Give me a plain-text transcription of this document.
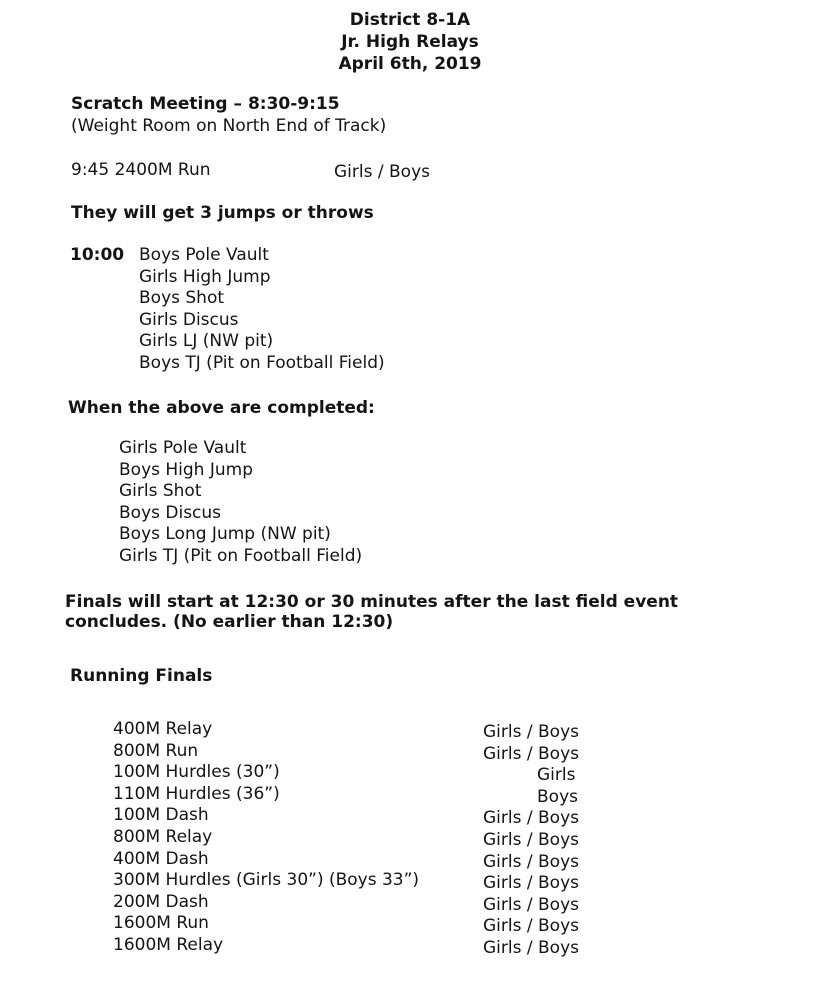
District 8-1A
Jr. High Relays
April 6th, 2019
Scratch Meeting – 8:30-9:15
(Weight Room on North End of Track)
9:45 2400M Run	Girls / Boys
They will get 3 jumps or throws
10:00 Boys Pole Vault
Girls High Jump
Boys Shot
Girls Discus
Girls LJ (NW pit)
Boys TJ (Pit on Football Field)
When the above are completed:
Girls Pole Vault
Boys High Jump
Girls Shot
Boys Discus
Boys Long Jump (NW pit)
Girls TJ (Pit on Football Field)
Finals will start at 12:30 or 30 minutes after the last field event
concludes. (No earlier than 12:30)
Running Finals
400M Relay	Girls / Boys
800M Run	Girls / Boys
100M Hurdles (30”)	Girls
110M Hurdles (36”)	Boys
100M Dash	Girls / Boys
800M Relay	Girls / Boys
400M Dash	Girls / Boys
300M Hurdles (Girls 30”) (Boys 33”)	Girls / Boys
200M Dash	Girls / Boys
1600M Run	Girls / Boys
1600M Relay	Girls / Boys
